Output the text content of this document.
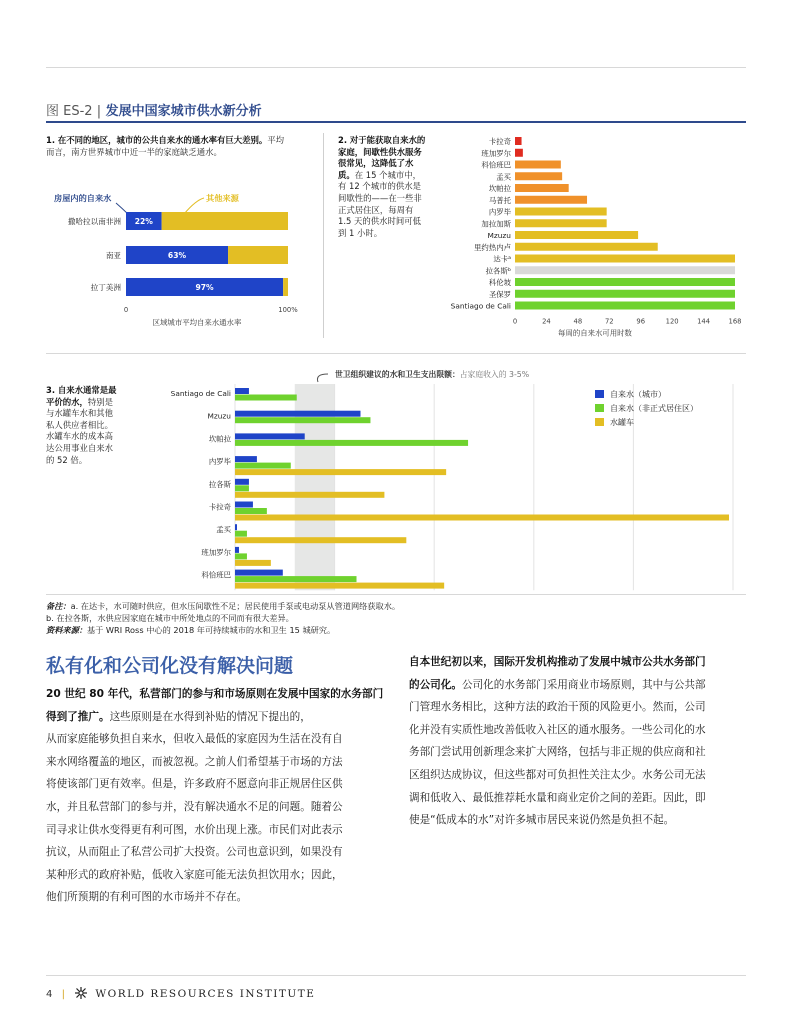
图 ES-2 | 发展中国家城市供水新分析
1. 在不同的地区，城市的公共自来水的通水率有巨大差别。平均而言，南方世界城市中近一半的家庭缺乏通水。
房屋内的自来水	其他来源
撒哈拉以南非洲 22%
南亚	63%
拉丁美洲	97%
0	100%
区域城市平均自来水通水率
2. 对于能获取自来水的家庭，间歇性供水服务很常见，这降低了水质。在 15 个城市中，有 12 个城市的供水是间歇性的——在一些非正式居住区，每周有 1.5 天的供水时间可低到 1 小时。
卡拉奇
班加罗尔
科恰班巴
孟买
坎帕拉
马普托
内罗毕
加拉加斯
Mzuzu
里约热内卢
达卡ᵃ
拉各斯ᵇ
科伦坡
圣保罗
Santiago de Cali
0	24	48	72	96	120	144	168
每周的自来水可用时数
3. 自来水通常是最平价的水，特别是与水罐车水和其他私人供应者相比。水罐车水的成本高达公用事业自来水的 52 倍。
世卫组织建议的水和卫生支出限额：占家庭收入的 3-5%
Santiago de Cali
Mzuzu
坎帕拉
内罗毕
拉各斯
卡拉奇
孟买
班加罗尔
科恰班巴
自来水（城市）
自来水（非正式居住区）
水罐车
备注：a. 在达卡，水可随时供应，但水压间歇性不足；居民使用手泵或电动泵从管道网络获取水。
b. 在拉各斯，水供应因家庭在城市中所处地点的不同而有很大差异。
资料来源：基于 WRI Ross 中心的 2018 年可持续城市的水和卫生 15 城研究。
私有化和公司化没有解决问题
20 世纪 80 年代，私营部门的参与和市场原则在发展中国家的水务部门得到了推广。这些原则是在水得到补贴的情况下提出的，
从而家庭能够负担自来水，但收入最低的家庭因为生活在没有自
来水网络覆盖的地区，而被忽视。之前人们希望基于市场的方法
将使该部门更有效率。但是，许多政府不愿意向非正规居住区供
水，并且私营部门的参与并，没有解决通水不足的问题。随着公
司寻求让供水变得更有利可图，水价出现上涨。市民们对此表示
抗议，从而阻止了私营公司扩大投资。公司也意识到，如果没有
某种形式的政府补贴，低收入家庭可能无法负担饮用水；因此，
他们所预期的有利可图的水市场并不存在。
自本世纪初以来，国际开发机构推动了发展中城市公共水务部门
的公司化。公司化的水务部门采用商业市场原则，其中与公共部
门管理水务相比，这种方法的政治干预的风险更小。然而，公司
化并没有实质性地改善低收入社区的通水服务。一些公司化的水
务部门尝试用创新理念来扩大网络，包括与非正规的供应商和社
区组织达成协议，但这些都对可负担性关注太少。水务公司无法
调和低收入、最低推荐耗水量和商业定价之间的差距。因此，即
使是“低成本的水”对许多城市居民来说仍然是负担不起。
4 |	WORLD RESOURCES INSTITUTE
